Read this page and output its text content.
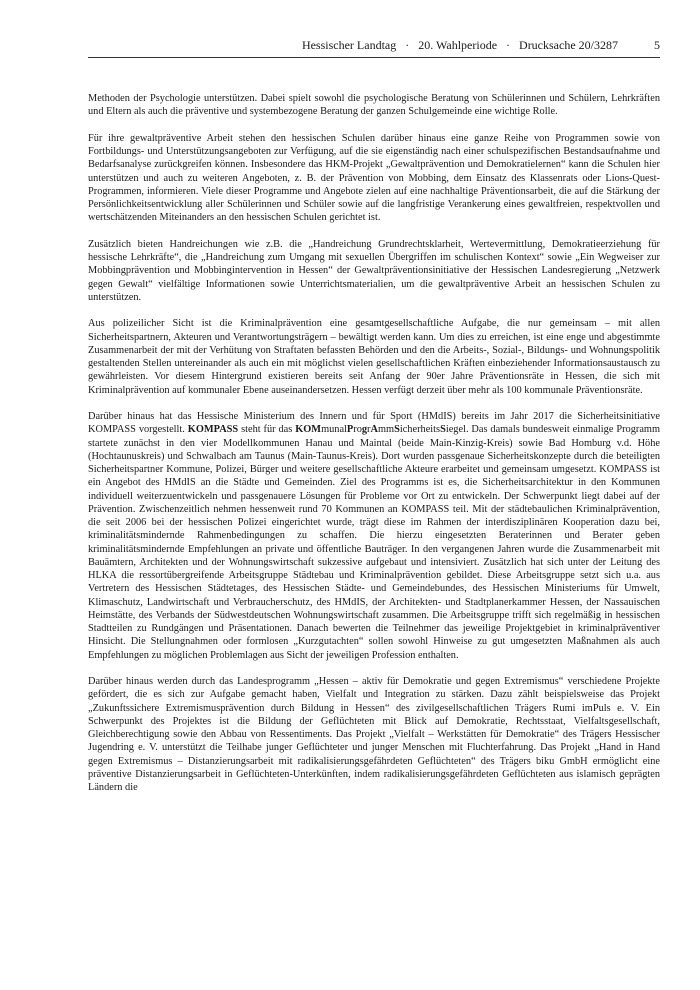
Hessischer Landtag   ·   20. Wahlperiode   ·   Drucksache 20/3287	5

Methoden der Psychologie unterstützen. Dabei spielt sowohl die psychologische Beratung von Schülerinnen und Schülern, Lehrkräften und Eltern als auch die präventive und systembezogene Beratung der ganzen Schulgemeinde eine wichtige Rolle.

Für ihre gewaltpräventive Arbeit stehen den hessischen Schulen darüber hinaus eine ganze Reihe von Programmen sowie von Fortbildungs- und Unterstützungsangeboten zur Verfügung, auf die sie eigenständig nach einer schulspezifischen Bestandsaufnahme und Bedarfsanalyse zurückgreifen können. Insbesondere das HKM-Projekt „Gewaltprävention und Demokratielernen“ kann die Schulen hier unterstützen und auch zu weiteren Angeboten, z. B. der Prävention von Mobbing, dem Einsatz des Klassenrats oder Lions-Quest-Programmen, informieren. Viele dieser Programme und Angebote zielen auf eine nachhaltige Präventionsarbeit, die auf die Stärkung der Persönlichkeitsentwicklung aller Schülerinnen und Schüler sowie auf die langfristige Verankerung eines gewaltfreien, respektvollen und wertschätzenden Miteinanders an den hessischen Schulen gerichtet ist.

Zusätzlich bieten Handreichungen wie z.B. die „Handreichung Grundrechtsklarheit, Wertevermittlung, Demokratieerziehung für hessische Lehrkräfte“, die „Handreichung zum Umgang mit sexuellen Übergriffen im schulischen Kontext“ sowie „Ein Wegweiser zur Mobbingprävention und Mobbingintervention in Hessen“ der Gewaltpräventionsinitiative der Hessischen Landesregierung „Netzwerk gegen Gewalt“ vielfältige Informationen sowie Unterrichtsmaterialien, um die gewaltpräventive Arbeit an hessischen Schulen zu unterstützen.

Aus polizeilicher Sicht ist die Kriminalprävention eine gesamtgesellschaftliche Aufgabe, die nur gemeinsam – mit allen Sicherheitspartnern, Akteuren und Verantwortungsträgern – bewältigt werden kann. Um dies zu erreichen, ist eine enge und abgestimmte Zusammenarbeit der mit der Verhütung von Straftaten befassten Behörden und den die Arbeits-, Sozial-, Bildungs- und Wohnungspolitik gestaltenden Stellen untereinander als auch ein mit möglichst vielen gesellschaftlichen Kräften einbeziehender Informationsaustausch zu gewährleisten. Vor diesem Hintergrund existieren bereits seit Anfang der 90er Jahre Präventionsräte in Hessen, die sich mit Kriminalprävention auf kommunaler Ebene auseinandersetzen. Hessen verfügt derzeit über mehr als 100 kommunale Präventionsräte.

Darüber hinaus hat das Hessische Ministerium des Innern und für Sport (HMdIS) bereits im Jahr 2017 die Sicherheitsinitiative KOMPASS vorgestellt. KOMPASS steht für das KOMmunalProgrAmmSicherheitsSiegel. Das damals bundesweit einmalige Programm startete zunächst in den vier Modellkommunen Hanau und Maintal (beide Main-Kinzig-Kreis) sowie Bad Homburg v.d. Höhe (Hochtaunuskreis) und Schwalbach am Taunus (Main-Taunus-Kreis). Dort wurden passgenaue Sicherheitskonzepte durch die beteiligten Sicherheitspartner Kommune, Polizei, Bürger und weitere gesellschaftliche Akteure erarbeitet und gemeinsam umgesetzt. KOMPASS ist ein Angebot des HMdIS an die Städte und Gemeinden. Ziel des Programms ist es, die Sicherheitsarchitektur in den Kommunen individuell weiterzuentwickeln und passgenauere Lösungen für Probleme vor Ort zu entwickeln. Der Schwerpunkt liegt dabei auf der Prävention. Zwischenzeitlich nehmen hessenweit rund 70 Kommunen an KOMPASS teil. Mit der städtebaulichen Kriminalprävention, die seit 2006 bei der hessischen Polizei eingerichtet wurde, trägt diese im Rahmen der interdisziplinären Kooperation dazu bei, kriminalitätsmindernde Rahmenbedingungen zu schaffen. Die hierzu eingesetzten Beraterinnen und Berater geben kriminalitätsmindernde Empfehlungen an private und öffentliche Bauträger. In den vergangenen Jahren wurde die Zusammenarbeit mit Bauämtern, Architekten und der Wohnungswirtschaft sukzessive aufgebaut und intensiviert. Zusätzlich hat sich unter der Leitung des HLKA die ressortübergreifende Arbeitsgruppe Städtebau und Kriminalprävention gebildet. Diese Arbeitsgruppe setzt sich u.a. aus Vertretern des Hessischen Städtetages, des Hessischen Städte- und Gemeindebundes, des Hessischen Ministeriums für Umwelt, Klimaschutz, Landwirtschaft und Verbraucherschutz, des HMdIS, der Architekten- und Stadtplanerkammer Hessen, der Nassauischen Heimstätte, des Verbands der Südwestdeutschen Wohnungswirtschaft zusammen. Die Arbeitsgruppe trifft sich regelmäßig in hessischen Stadtteilen zu Rundgängen und Präsentationen. Danach bewerten die Teilnehmer das jeweilige Projektgebiet in kriminalpräventiver Hinsicht. Die Stellungnahmen oder formlosen „Kurzgutachten“ sollen sowohl Hinweise zu gut umgesetzten Maßnahmen als auch Empfehlungen zu möglichen Problemlagen aus Sicht der jeweiligen Profession enthalten.

Darüber hinaus werden durch das Landesprogramm „Hessen – aktiv für Demokratie und gegen Extremismus“ verschiedene Projekte gefördert, die es sich zur Aufgabe gemacht haben, Vielfalt und Integration zu stärken. Dazu zählt beispielsweise das Projekt „Zukunftssichere Extremismusprävention durch Bildung in Hessen“ des zivilgesellschaftlichen Trägers Rumi imPuls e. V. Ein Schwerpunkt des Projektes ist die Bildung der Geflüchteten mit Blick auf Demokratie, Rechtsstaat, Vielfaltsgesellschaft, Gleichberechtigung sowie den Abbau von Ressentiments. Das Projekt „Vielfalt – Werkstätten für Demokratie“ des Trägers Hessischer Jugendring e. V. unterstützt die Teilhabe junger Geflüchteter und junger Menschen mit Fluchterfahrung. Das Projekt „Hand in Hand gegen Extremismus – Distanzierungsarbeit mit radikalisierungsgefährdeten Geflüchteten“ des Trägers biku GmbH ermöglicht eine präventive Distanzierungsarbeit in Geflüchteten-Unterkünften, indem radikalisierungsgefährdeten Geflüchteten aus islamisch geprägten Ländern die
